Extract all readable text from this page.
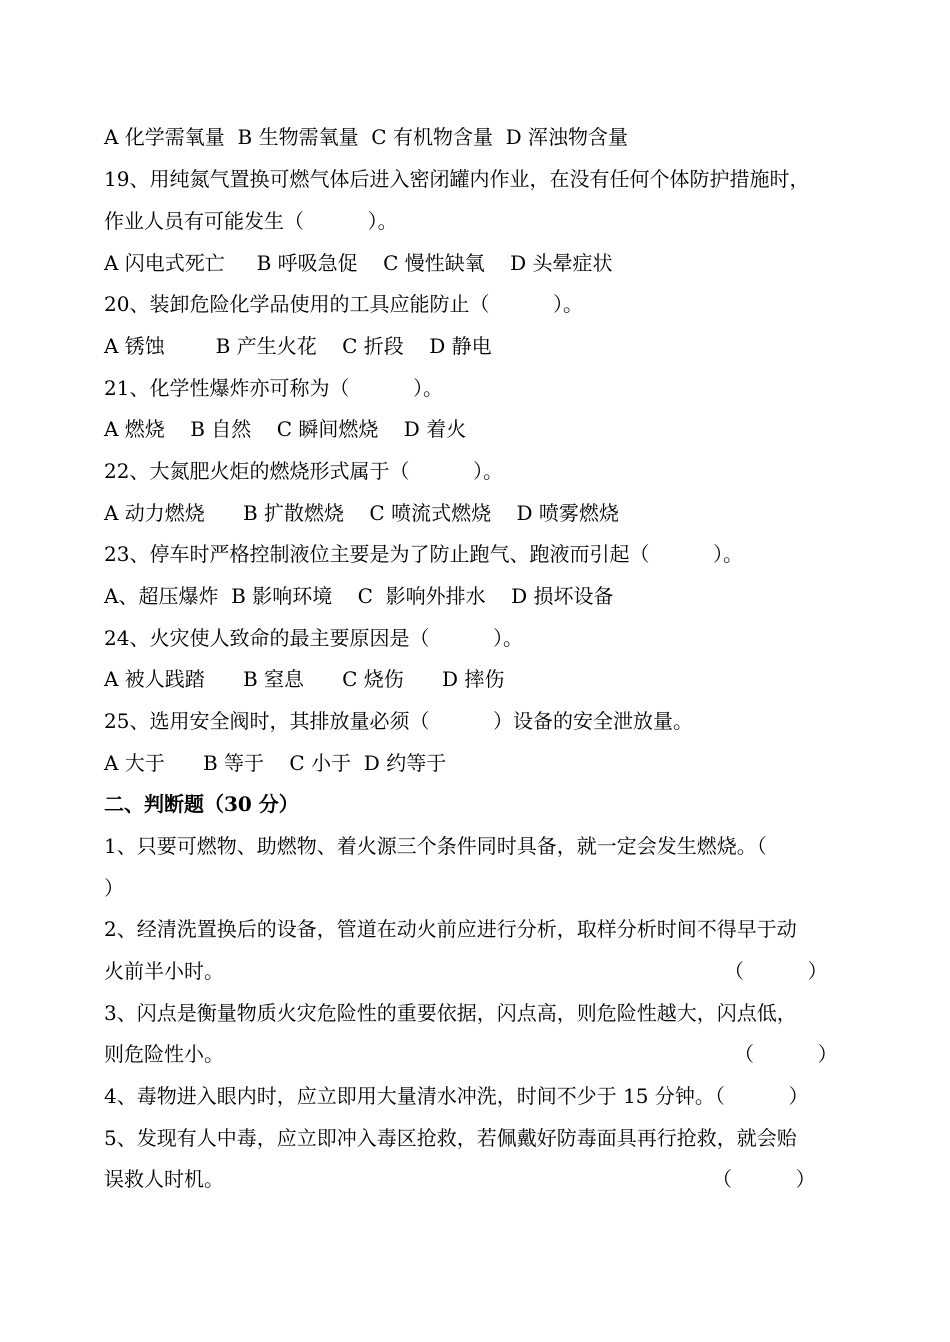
A 化学需氧量  B 生物需氧量  C 有机物含量  D 浑浊物含量
19、用纯氮气置换可燃气体后进入密闭罐内作业，在没有任何个体防护措施时，
作业人员有可能发生（          ）。
A 闪电式死亡     B 呼吸急促    C 慢性缺氧    D 头晕症状
20、装卸危险化学品使用的工具应能防止（          ）。
A 锈蚀        B 产生火花    C 折段    D 静电
21、化学性爆炸亦可称为（          ）。
A 燃烧    B 自然    C 瞬间燃烧    D 着火
22、大氮肥火炬的燃烧形式属于（          ）。
A 动力燃烧      B 扩散燃烧    C 喷流式燃烧    D 喷雾燃烧
23、停车时严格控制液位主要是为了防止跑气、跑液而引起（          ）。
A、超压爆炸  B 影响环境    C  影响外排水    D 损坏设备
24、火灾使人致命的最主要原因是（          ）。
A 被人践踏      B 窒息      C 烧伤      D 摔伤
25、选用安全阀时，其排放量必须（          ）设备的安全泄放量。
A 大于      B 等于    C 小于  D 约等于
二、判断题（30 分）
1、只要可燃物、助燃物、着火源三个条件同时具备，就一定会发生燃烧。（
）
2、经清洗置换后的设备，管道在动火前应进行分析，取样分析时间不得早于动
火前半小时。	（          ）
3、闪点是衡量物质火灾危险性的重要依据，闪点高，则危险性越大，闪点低，
则危险性小。	（          ）
4、毒物进入眼内时，应立即用大量清水冲洗，时间不少于 15 分钟。（          ）
5、发现有人中毒，应立即冲入毒区抢救，若佩戴好防毒面具再行抢救，就会贻
误救人时机。	（          ）
